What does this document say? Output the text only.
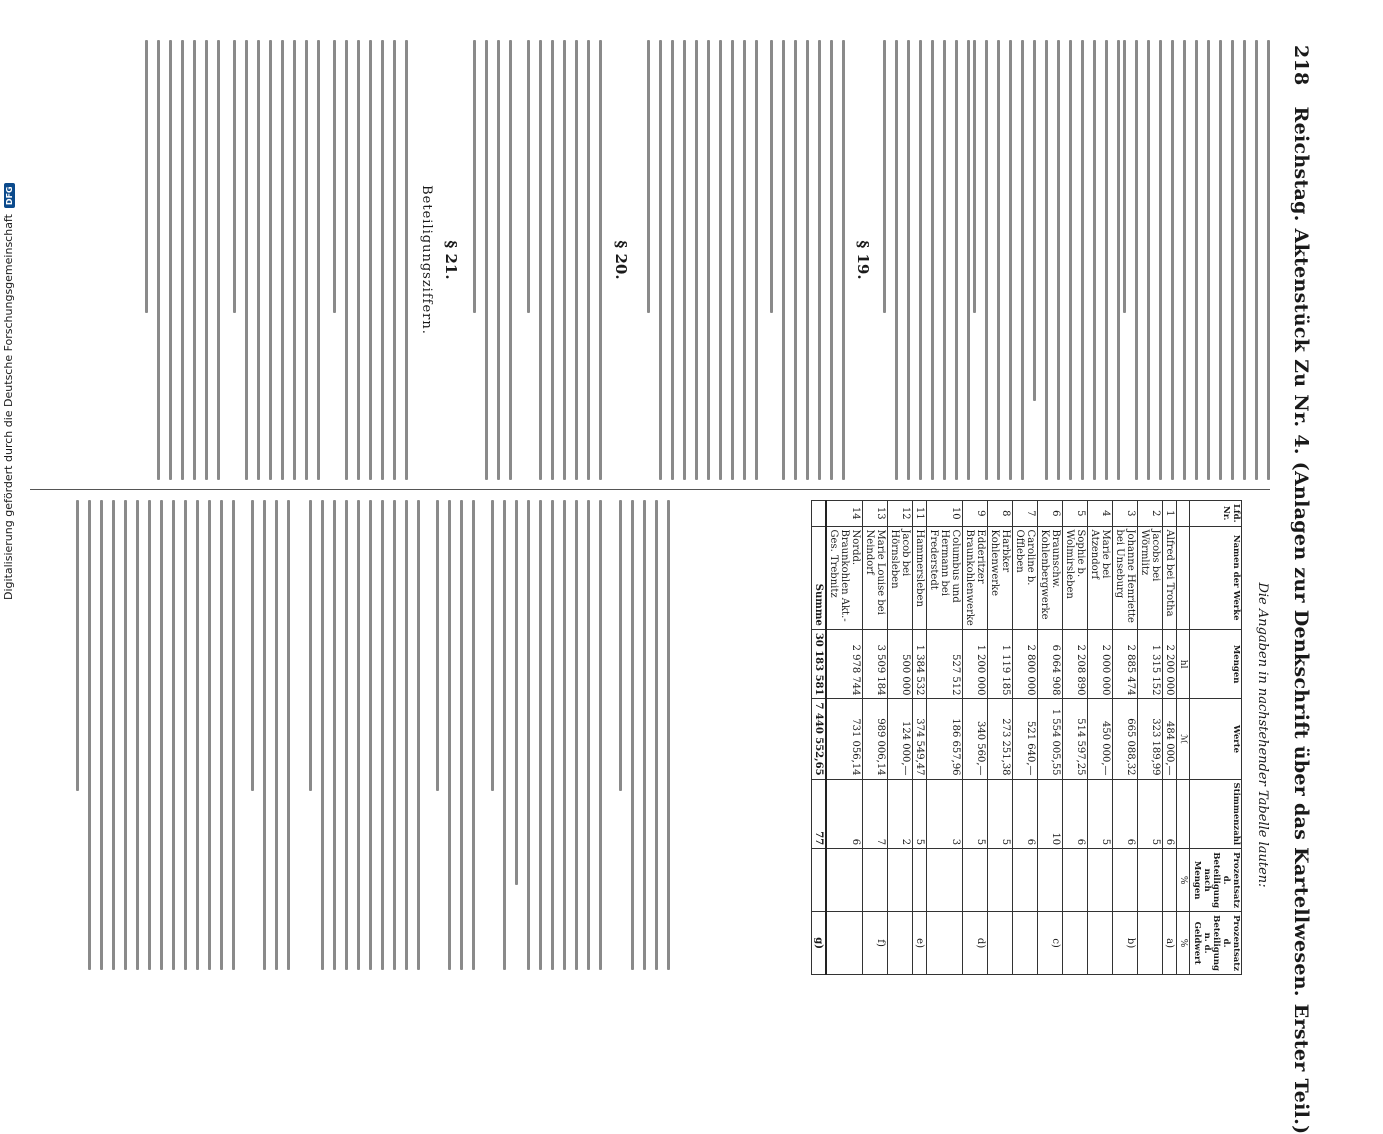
218 Reichstag. Aktenstück Zu Nr. 4. (Anlagen zur Denkschrift über das Kartellwesen. Erster Teil.)
§ 19.
§ 20.
§ 21.
Beteiligungsziffern.
Die Angaben in nachstehender Tabelle lauten:
Lfd. Nr.	Namen der Werke	Mengen	Werte	Stimmenzahl	Prozentsatz d. Beteiligung nach Mengen	Prozentsatz d. Beteiligung n. d. Geldwert
		hl	ℳ		%	%
1	Alfred bei Trotha	2 200 000	484 000,—	6		a)
2	Jacobs bei Wörmlitz	1 315 152	323 189,99	5		
3	Johanne Henriette bei Unseburg	2 885 474	665 088,32	6		b)
4	Marie bei Atzendorf	2 000 000	450 000,—	5		
5	Sophie b. Wolmirsleben	2 208 890	514 597,25	6		
6	Braunschw. Kohlenbergwerke	6 064 908	1 554 005,55	10		c)
7	Caroline b. Offleben	2 800 000	521 640,—	6		
8	Harbker Kohlenwerke	1 119 185	273 251,38	5		
9	Edderitzer Braunkohlenwerke	1 200 000	340 560,—	5		d)
10	Columbus und Hermann bei Frederstedt	527 512	186 657,96	3		
11	Hammersleben	1 384 532	374 549,47	5		e)
12	Jacob bei Hörnsleben	500 000	124 000,—	2		
13	Marie Louise bei Neindorf	3 509 184	989 006,14	7		f)
14	Nordd. Braunkohlen Akt.-Ges. Trebnitz	2 978 744	731 056,14	6		
	Summe	30 183 581	7 440 552,65	77		g)
Digitalisierung gefördert durch die Deutsche ForschungsgemeinschaftDFG
